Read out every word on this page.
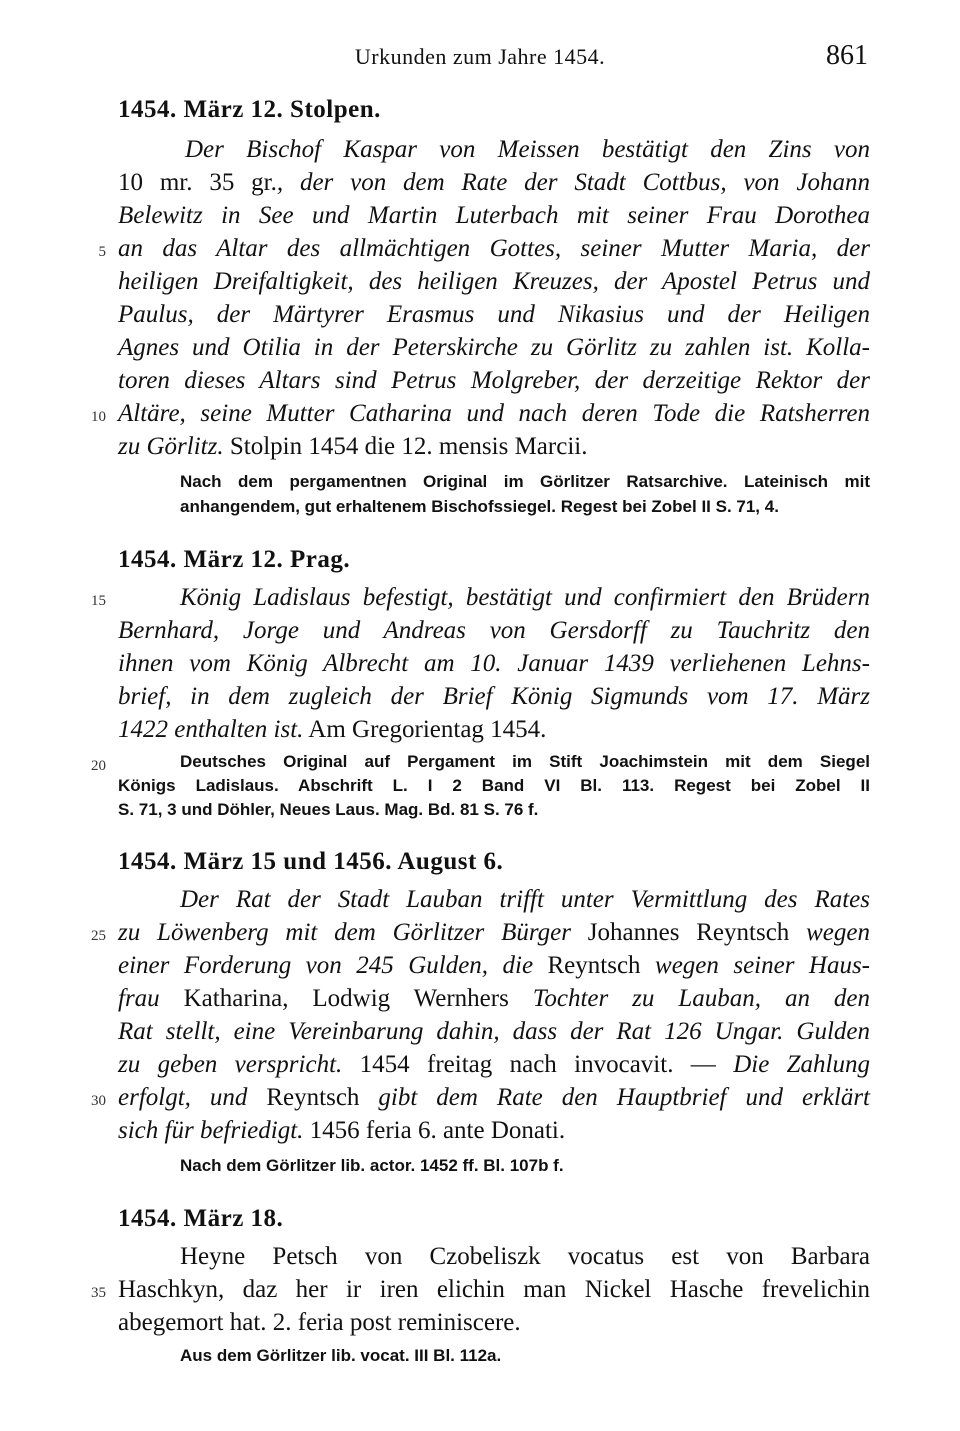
Urkunden zum Jahre 1454.	861
1454. März 12. Stolpen.
Der Bischof Kaspar von Meissen bestätigt den Zins von
10 mr. 35 gr., der von dem Rate der Stadt Cottbus, von Johann
Belewitz in See und Martin Luterbach mit seiner Frau Dorothea
an das Altar des allmächtigen Gottes, seiner Mutter Maria, der
heiligen Dreifaltigkeit, des heiligen Kreuzes, der Apostel Petrus und
Paulus, der Märtyrer Erasmus und Nikasius und der Heiligen
Agnes und Otilia in der Peterskirche zu Görlitz zu zahlen ist. Kolla-
toren dieses Altars sind Petrus Molgreber, der derzeitige Rektor der
Altäre, seine Mutter Catharina und nach deren Tode die Ratsherren
zu Görlitz. Stolpin 1454 die 12. mensis Marcii.
Nach dem pergamentnen Original im Görlitzer Ratsarchive. Lateinisch mit
anhangendem, gut erhaltenem Bischofssiegel. Regest bei Zobel II S. 71, 4.
1454. März 12. Prag.
König Ladislaus befestigt, bestätigt und confirmiert den Brüdern
Bernhard, Jorge und Andreas von Gersdorff zu Tauchritz den
ihnen vom König Albrecht am 10. Januar 1439 verliehenen Lehns-
brief, in dem zugleich der Brief König Sigmunds vom 17. März
1422 enthalten ist. Am Gregorientag 1454.
Deutsches Original auf Pergament im Stift Joachimstein mit dem Siegel
Königs Ladislaus. Abschrift L. I 2 Band VI Bl. 113. Regest bei Zobel II
S. 71, 3 und Döhler, Neues Laus. Mag. Bd. 81 S. 76 f.
1454. März 15 und 1456. August 6.
Der Rat der Stadt Lauban trifft unter Vermittlung des Rates
zu Löwenberg mit dem Görlitzer Bürger Johannes Reyntsch wegen
einer Forderung von 245 Gulden, die Reyntsch wegen seiner Haus-
frau Katharina, Lodwig Wernhers Tochter zu Lauban, an den
Rat stellt, eine Vereinbarung dahin, dass der Rat 126 Ungar. Gulden
zu geben verspricht. 1454 freitag nach invocavit. — Die Zahlung
erfolgt, und Reyntsch gibt dem Rate den Hauptbrief und erklärt
sich für befriedigt. 1456 feria 6. ante Donati.
Nach dem Görlitzer lib. actor. 1452 ff. Bl. 107b f.
1454. März 18.
Heyne Petsch von Czobeliszk vocatus est von Barbara
Haschkyn, daz her ir iren elichin man Nickel Hasche frevelichin
abegemort hat. 2. feria post reminiscere.
Aus dem Görlitzer lib. vocat. III Bl. 112a.
5
10
15
20
25
30
35
